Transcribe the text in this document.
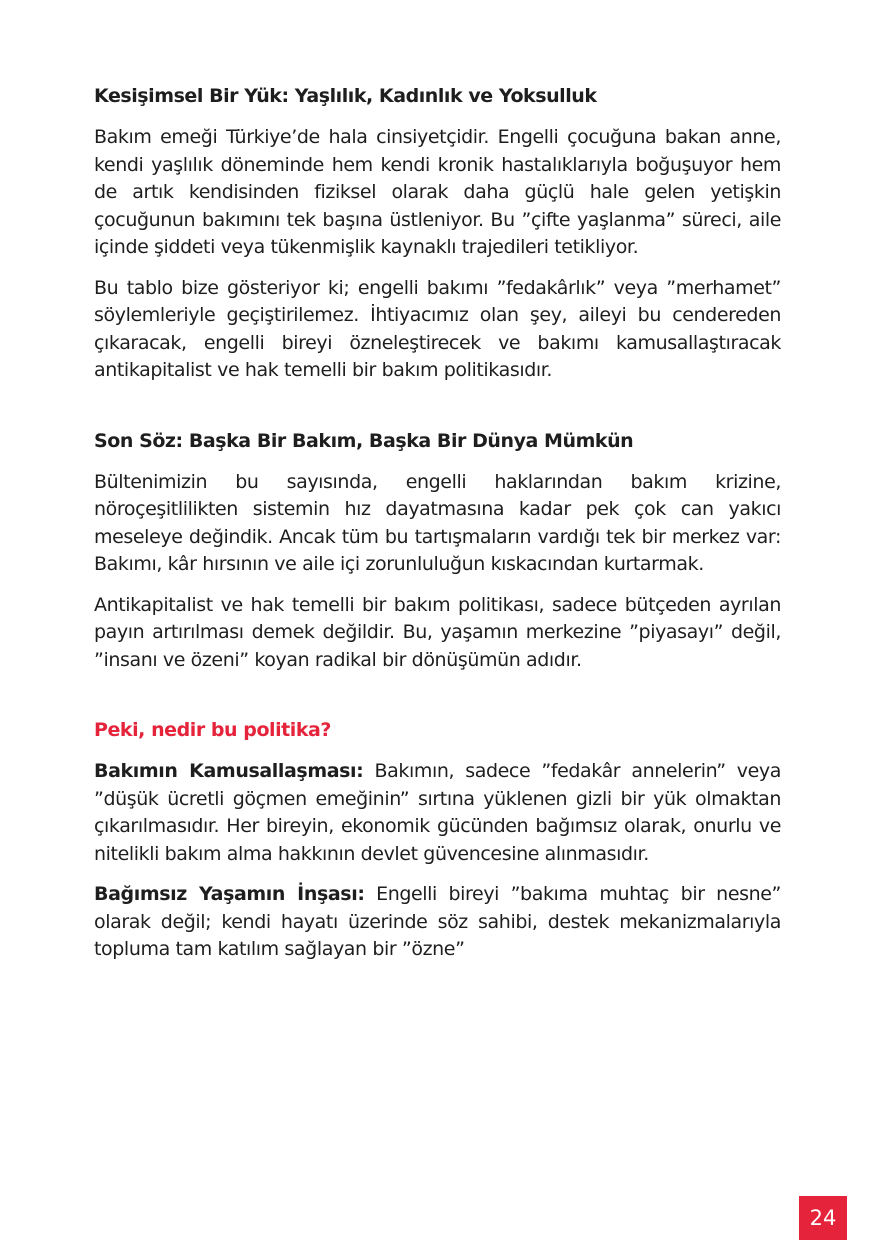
Kesişimsel Bir Yük: Yaşlılık, Kadınlık ve Yoksulluk

Bakım emeği Türkiye’de hala cinsiyetçidir. Engelli çocuğuna bakan anne, kendi yaşlılık döneminde hem kendi kronik hastalıklarıyla boğuşuyor hem de artık kendisinden fiziksel olarak daha güçlü hale gelen yetişkin çocuğunun bakımını tek başına üstleniyor. Bu ”çifte yaşlanma” süreci, aile içinde şiddeti veya tükenmişlik kaynaklı trajedileri tetikliyor.

Bu tablo bize gösteriyor ki; engelli bakımı ”fedakârlık” veya ”merhamet” söylemleriyle geçiştirilemez. İhtiyacımız olan şey, aileyi bu cendereden çıkaracak, engelli bireyi özneleştirecek ve bakımı kamusallaştıracak antikapitalist ve hak temelli bir bakım politikasıdır.

Son Söz: Başka Bir Bakım, Başka Bir Dünya Mümkün

Bültenimizin bu sayısında, engelli haklarından bakım krizine, nöroçeşitlilikten sistemin hız dayatmasına kadar pek çok can yakıcı meseleye değindik. Ancak tüm bu tartışmaların vardığı tek bir merkez var: Bakımı, kâr hırsının ve aile içi zorunluluğun kıskacından kurtarmak.

Antikapitalist ve hak temelli bir bakım politikası, sadece bütçeden ayrılan payın artırılması demek değildir. Bu, yaşamın merkezine ”piyasayı” değil, ”insanı ve özeni” koyan radikal bir dönüşümün adıdır.

Peki, nedir bu politika?

Bakımın Kamusallaşması: Bakımın, sadece ”fedakâr annelerin” veya ”düşük ücretli göçmen emeğinin” sırtına yüklenen gizli bir yük olmaktan çıkarılmasıdır. Her bireyin, ekonomik gücünden bağımsız olarak, onurlu ve nitelikli bakım alma hakkının devlet güvencesine alınmasıdır.

Bağımsız Yaşamın İnşası: Engelli bireyi ”bakıma muhtaç bir nesne” olarak değil; kendi hayatı üzerinde söz sahibi, destek mekanizmalarıyla topluma tam katılım sağlayan bir ”özne”

24
